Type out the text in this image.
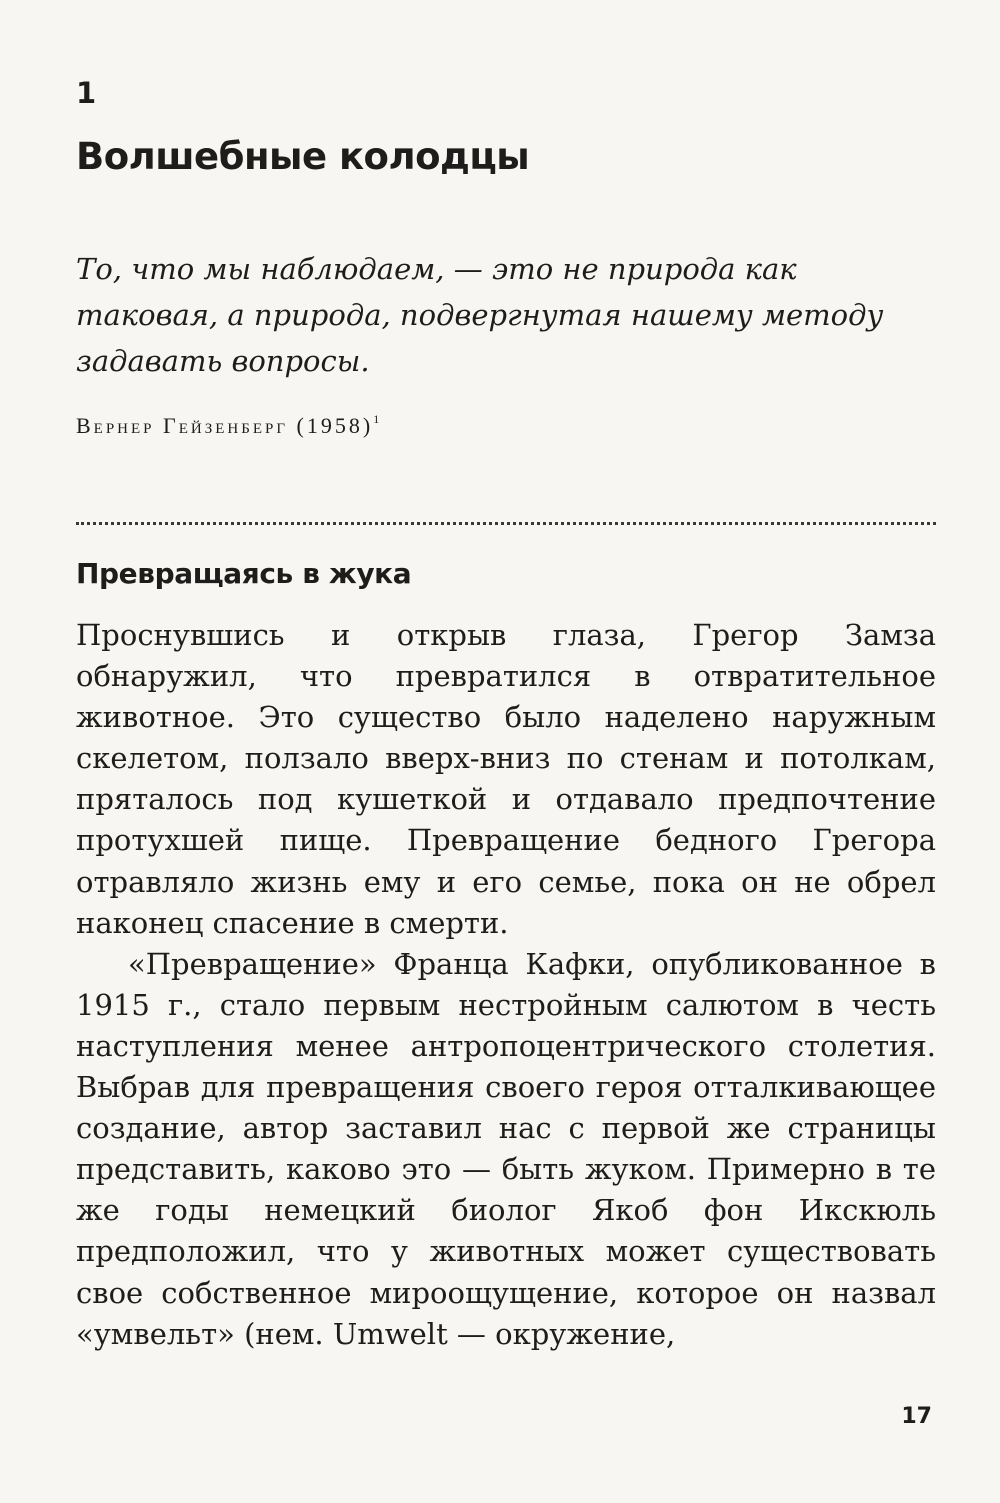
1
Волшебные колодцы

То, что мы наблюдаем, — это не природа как таковая, а природа, подвергнутая нашему методу задавать вопросы.

Вернер Гейзенберг $(1958)^1$
Превращаясь в жука

Проснувшись и открыв глаза, Грегор Замза обнаружил, что превратился в отвратительное животное. Это существо было наделено наружным скелетом, ползало вверх-вниз по стенам и потолкам, пряталось под кушеткой и отдавало предпочтение протухшей пище. Превращение бедного Грегора отравляло жизнь ему и его семье, пока он не обрел наконец спасение в смерти.

«Превращение» Франца Кафки, опубликованное в 1915 г., стало первым нестройным салютом в честь наступления менее антропоцентрического столетия. Выбрав для превращения своего героя отталкивающее создание, автор заставил нас с первой же страницы представить, каково это — быть жуком. Примерно в те же годы немецкий биолог Якоб фон Икскюль предположил, что у животных может существовать свое собственное мироощущение, которое он назвал «умвельт» (нем. Umwelt — окружение,

17
